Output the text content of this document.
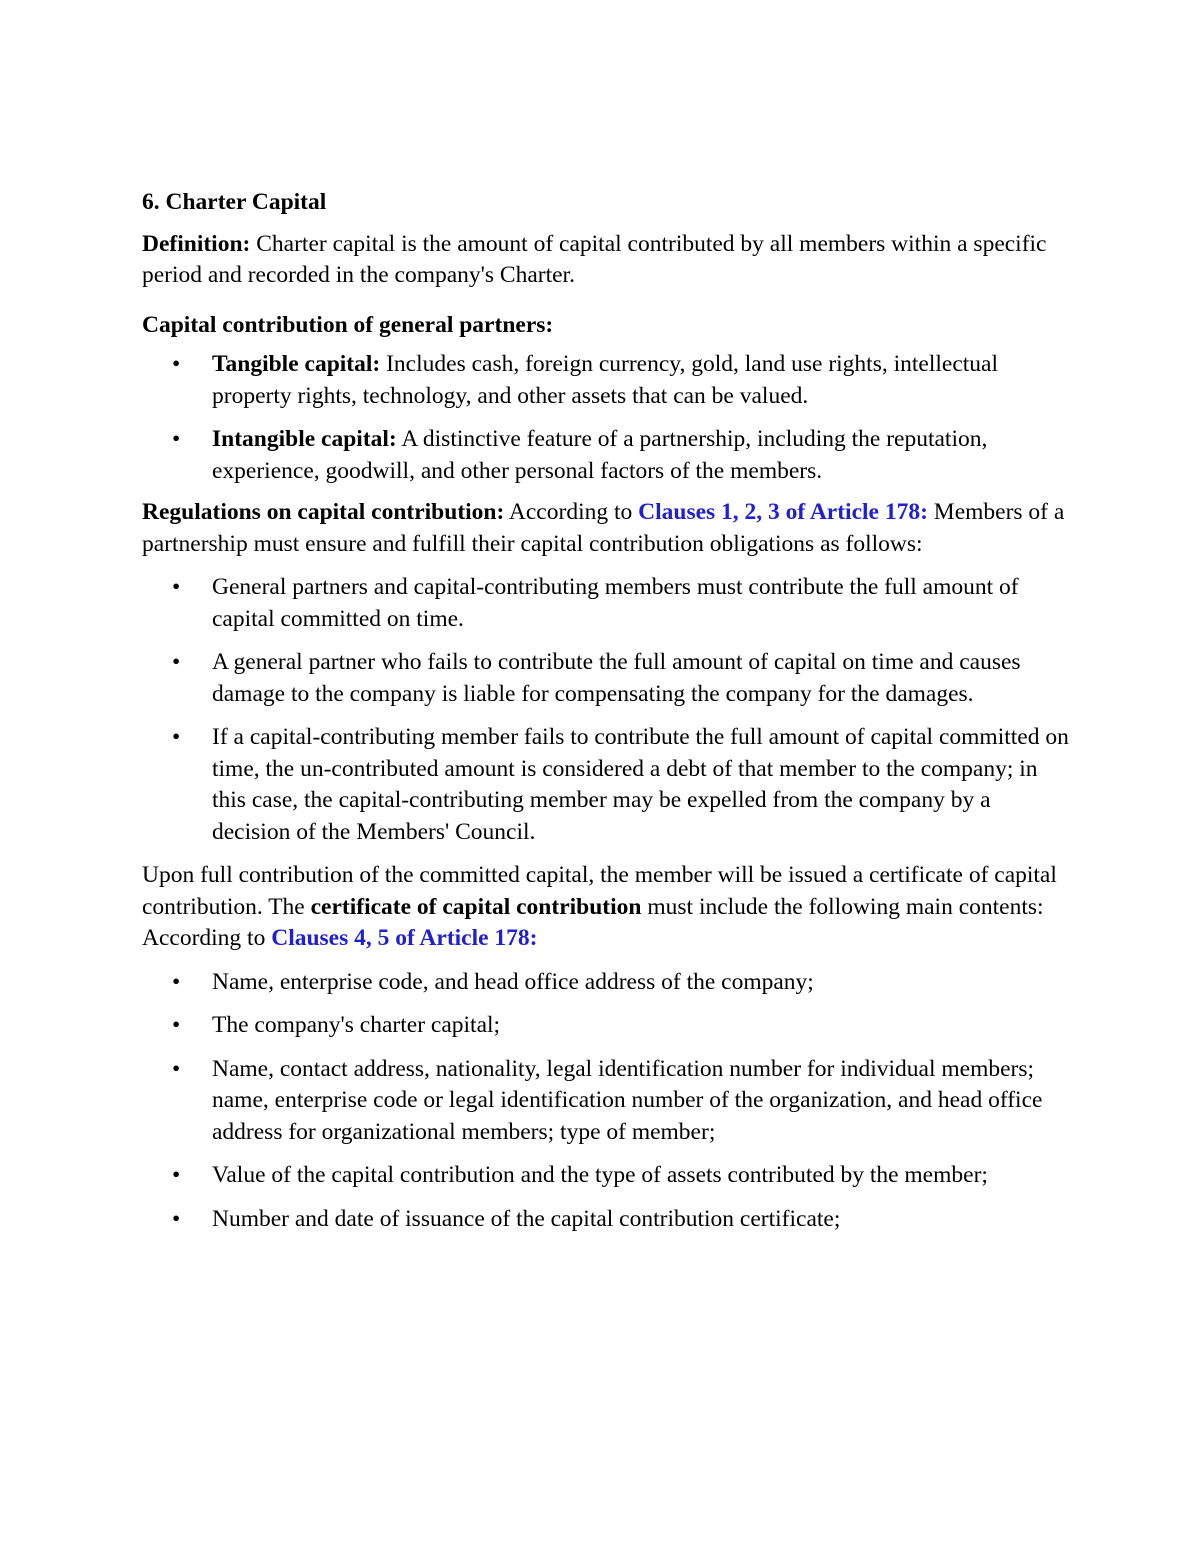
6. Charter Capital

Definition: Charter capital is the amount of capital contributed by all members within a specific period and recorded in the company's Charter.

Capital contribution of general partners:

• Tangible capital: Includes cash, foreign currency, gold, land use rights, intellectual property rights, technology, and other assets that can be valued.
• Intangible capital: A distinctive feature of a partnership, including the reputation, experience, goodwill, and other personal factors of the members.

Regulations on capital contribution: According to Clauses 1, 2, 3 of Article 178: Members of a partnership must ensure and fulfill their capital contribution obligations as follows:

• General partners and capital-contributing members must contribute the full amount of capital committed on time.
• A general partner who fails to contribute the full amount of capital on time and causes damage to the company is liable for compensating the company for the damages.
• If a capital-contributing member fails to contribute the full amount of capital committed on time, the un-contributed amount is considered a debt of that member to the company; in this case, the capital-contributing member may be expelled from the company by a decision of the Members' Council.

Upon full contribution of the committed capital, the member will be issued a certificate of capital contribution. The certificate of capital contribution must include the following main contents: According to Clauses 4, 5 of Article 178:

• Name, enterprise code, and head office address of the company;
• The company's charter capital;
• Name, contact address, nationality, legal identification number for individual members; name, enterprise code or legal identification number of the organization, and head office address for organizational members; type of member;
• Value of the capital contribution and the type of assets contributed by the member;
• Number and date of issuance of the capital contribution certificate;
